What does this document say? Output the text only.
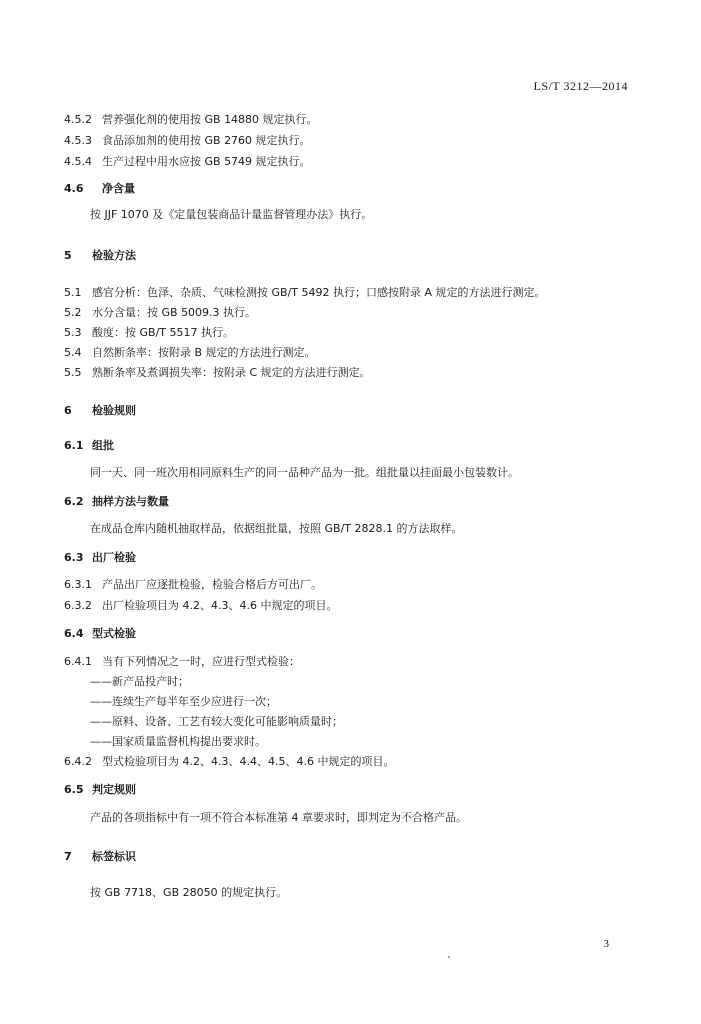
LS/T 3212—2014
4.5.2 营养强化剂的使用按 GB 14880 规定执行。
4.5.3 食品添加剂的使用按 GB 2760 规定执行。
4.5.4 生产过程中用水应按 GB 5749 规定执行。
4.6 净含量
按 JJF 1070 及《定量包装商品计量监督管理办法》执行。
5 检验方法
5.1 感官分析：色泽、杂质、气味检测按 GB/T 5492 执行；口感按附录 A 规定的方法进行测定。
5.2 水分含量：按 GB 5009.3 执行。
5.3 酸度：按 GB/T 5517 执行。
5.4 自然断条率：按附录 B 规定的方法进行测定。
5.5 熟断条率及煮调损失率：按附录 C 规定的方法进行测定。
6 检验规则
6.1 组批
同一天、同一班次用相同原料生产的同一品种产品为一批。组批量以挂面最小包装数计。
6.2 抽样方法与数量
在成品仓库内随机抽取样品，依据组批量，按照 GB/T 2828.1 的方法取样。
6.3 出厂检验
6.3.1 产品出厂应逐批检验，检验合格后方可出厂。
6.3.2 出厂检验项目为 4.2、4.3、4.6 中规定的项目。
6.4 型式检验
6.4.1 当有下列情况之一时，应进行型式检验：
——新产品投产时；
——连续生产每半年至少应进行一次；
——原料、设备、工艺有较大变化可能影响质量时；
——国家质量监督机构提出要求时。
6.4.2 型式检验项目为 4.2、4.3、4.4、4.5、4.6 中规定的项目。
6.5 判定规则
产品的各项指标中有一项不符合本标准第 4 章要求时，即判定为不合格产品。
7 标签标识
按 GB 7718、GB 28050 的规定执行。
3
